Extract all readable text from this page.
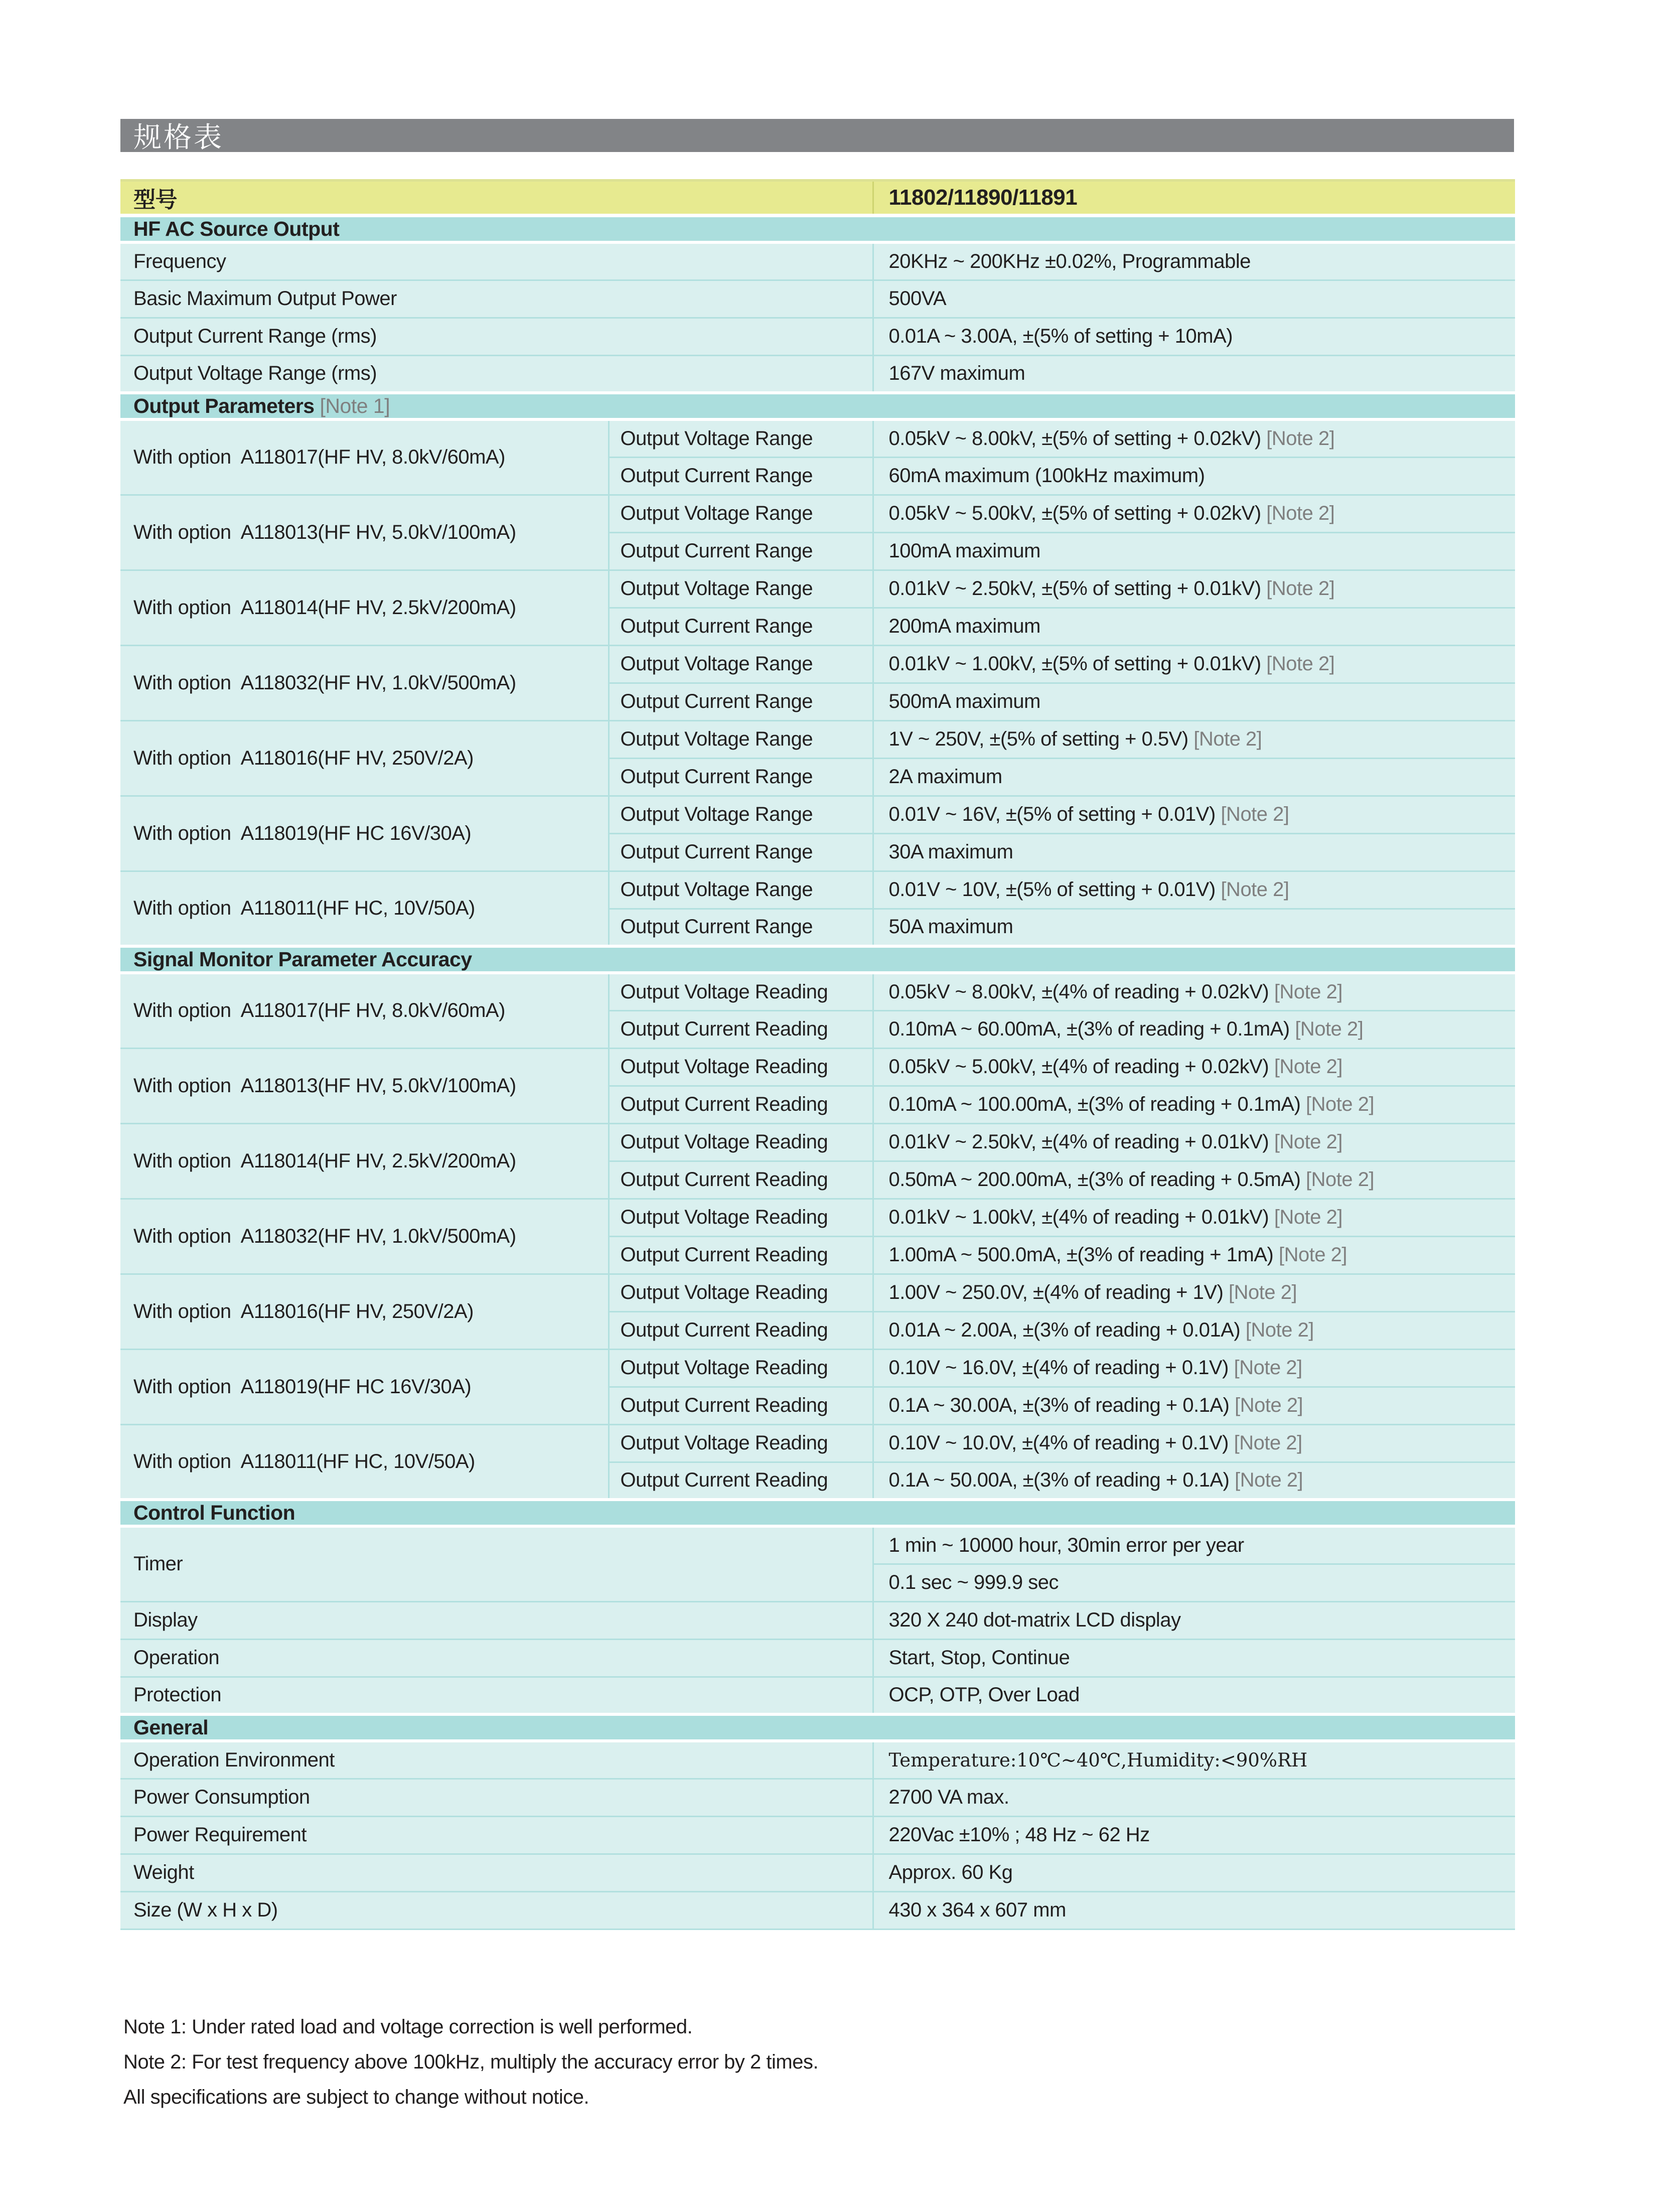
规格表
型号		11802/11890/11891
HF AC Source Output		
Frequency		20KHz ~ 200KHz ±0.02%, Programmable
Basic Maximum Output Power		500VA
Output Current Range (rms)		0.01A ~ 3.00A, ±(5% of setting + 10mA)
Output Voltage Range (rms)		167V maximum
Output Parameters [Note 1]		
With option  A118017(HF HV, 8.0kV/60mA)	Output Voltage Range	0.05kV ~ 8.00kV, ±(5% of setting + 0.02kV) [Note 2]
	Output Current Range	60mA maximum (100kHz maximum)
With option  A118013(HF HV, 5.0kV/100mA)	Output Voltage Range	0.05kV ~ 5.00kV, ±(5% of setting + 0.02kV) [Note 2]
	Output Current Range	100mA maximum
With option  A118014(HF HV, 2.5kV/200mA)	Output Voltage Range	0.01kV ~ 2.50kV, ±(5% of setting + 0.01kV) [Note 2]
	Output Current Range	200mA maximum
With option  A118032(HF HV, 1.0kV/500mA)	Output Voltage Range	0.01kV ~ 1.00kV, ±(5% of setting + 0.01kV) [Note 2]
	Output Current Range	500mA maximum
With option  A118016(HF HV, 250V/2A)	Output Voltage Range	1V ~ 250V, ±(5% of setting + 0.5V) [Note 2]
	Output Current Range	2A maximum
With option  A118019(HF HC 16V/30A)	Output Voltage Range	0.01V ~ 16V, ±(5% of setting + 0.01V) [Note 2]
	Output Current Range	30A maximum
With option  A118011(HF HC, 10V/50A)	Output Voltage Range	0.01V ~ 10V, ±(5% of setting + 0.01V) [Note 2]
	Output Current Range	50A maximum
Signal Monitor Parameter Accuracy		
With option  A118017(HF HV, 8.0kV/60mA)	Output Voltage Reading	0.05kV ~ 8.00kV, ±(4% of reading + 0.02kV) [Note 2]
	Output Current Reading	0.10mA ~ 60.00mA, ±(3% of reading + 0.1mA) [Note 2]
With option  A118013(HF HV, 5.0kV/100mA)	Output Voltage Reading	0.05kV ~ 5.00kV, ±(4% of reading + 0.02kV) [Note 2]
	Output Current Reading	0.10mA ~ 100.00mA, ±(3% of reading + 0.1mA) [Note 2]
With option  A118014(HF HV, 2.5kV/200mA)	Output Voltage Reading	0.01kV ~ 2.50kV, ±(4% of reading + 0.01kV) [Note 2]
	Output Current Reading	0.50mA ~ 200.00mA, ±(3% of reading + 0.5mA) [Note 2]
With option  A118032(HF HV, 1.0kV/500mA)	Output Voltage Reading	0.01kV ~ 1.00kV, ±(4% of reading + 0.01kV) [Note 2]
	Output Current Reading	1.00mA ~ 500.0mA, ±(3% of reading + 1mA) [Note 2]
With option  A118016(HF HV, 250V/2A)	Output Voltage Reading	1.00V ~ 250.0V, ±(4% of reading + 1V) [Note 2]
	Output Current Reading	0.01A ~ 2.00A, ±(3% of reading + 0.01A) [Note 2]
With option  A118019(HF HC 16V/30A)	Output Voltage Reading	0.10V ~ 16.0V, ±(4% of reading + 0.1V) [Note 2]
	Output Current Reading	0.1A ~ 30.00A, ±(3% of reading + 0.1A) [Note 2]
With option  A118011(HF HC, 10V/50A)	Output Voltage Reading	0.10V ~ 10.0V, ±(4% of reading + 0.1V) [Note 2]
	Output Current Reading	0.1A ~ 50.00A, ±(3% of reading + 0.1A) [Note 2]
Control Function		
Timer		1 min ~ 10000 hour, 30min error per year
		0.1 sec ~ 999.9 sec
Display		320 X 240 dot-matrix LCD display
Operation		Start, Stop, Continue
Protection		OCP, OTP, Over Load
General		
Operation Environment		Temperature:10℃~40℃,Humidity:<90%RH
Power Consumption		2700 VA max.
Power Requirement		220Vac ±10% ; 48 Hz ~ 62 Hz
Weight		Approx. 60 Kg
Size (W x H x D)		430 x 364 x 607 mm
Note 1: Under rated load and voltage correction is well performed.
Note 2: For test frequency above 100kHz, multiply the accuracy error by 2 times.
All specifications are subject to change without notice.
